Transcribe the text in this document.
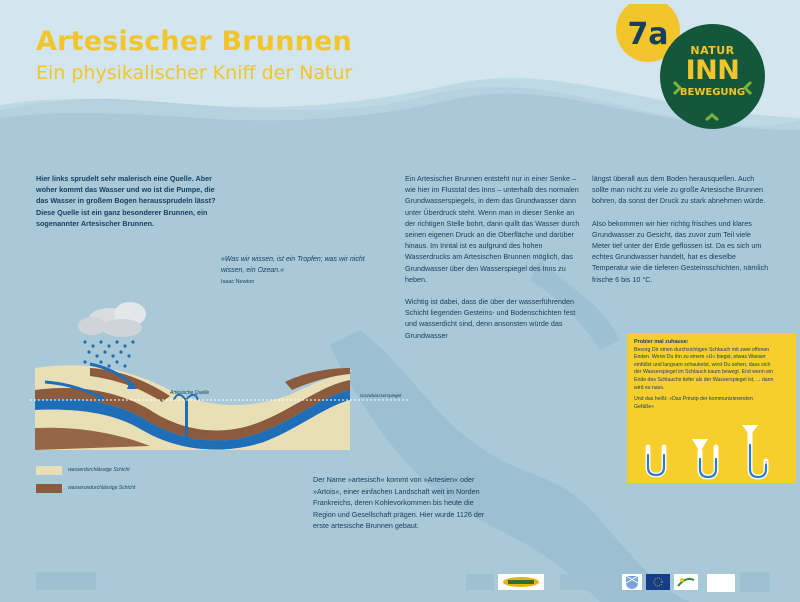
Artesischer Brunnen
Ein physikalischer Kniff der Natur
7a	NATUR
INN
BEWEGUNG
Hier links sprudelt sehr malerisch eine Quelle. Aber woher kommt das Wasser und wo ist die Pumpe, die das Wasser in großem Bogen heraussprudeln lässt? Diese Quelle ist ein ganz besonderer Brunnen, ein sogenannter Artesischer Brunnen.
»Was wir wissen, ist ein Tropfen; was wir nicht wissen, ein Ozean.«
Isaac Newton
Artesische Quelle	Grundwasserspiegel
wasserdurchlässige Schicht
wasserundurchlässige Schicht

Ein Artesischer Brunnen entsteht nur in einer Senke – wie hier im Flusstal des Inns – unterhalb des normalen Grundwasserspiegels, in dem das Grundwasser dann unter Überdruck steht. Wenn man in dieser Senke an der richtigen Stelle bohrt, dann quillt das Wasser durch seinen eigenen Druck an die Oberfläche und darüber hinaus. Im Inntal ist es aufgrund des hohen Wasserdrucks am Artesischen Brunnen möglich, das Grundwasser über den Wasserspiegel des Inns zu heben.

Wichtig ist dabei, dass die über der wasserführenden Schicht liegenden Gesteins- und Bodenschichten fest und wasserdicht sind, denn ansonsten würde das Grundwasser

längst überall aus dem Boden herausquellen. Auch sollte man nicht zu viele zu große Artesische Brunnen bohren, da sonst der Druck zu stark abnehmen würde.

Also bekommen wir hier richtig frisches und klares Grundwasser zu Gesicht, das zuvor zum Teil viele Meter tief unter der Erde geflossen ist. Da es sich um echtes Grundwasser handelt, hat es dieselbe Temperatur wie die tieferen Gesteinsschichten, nämlich frische 6 bis 10 °C.

Der Name »artesisch« kommt von »Artesien« oder »Artois«, einer einfachen Landschaft weit im Norden Frankreichs, deren Kohlevorkommen bis heute die Region und Gesellschaft prägen. Hier wurde 1126 der erste artesische Brunnen gebaut.

Probier mal zuhause:
Besorg Dir einen durchsichtigen Schlauch mit zwei offenen Enden. Wenn Du ihn zu einem »U« biegst, etwas Wasser einfüllst und langsam schaukelst, wirst Du sehen, dass sich der Wasserspiegel im Schlauch kaum bewegt. Erst wenn ein Ende des Schlauchs tiefer als der Wasserspiegel ist, ... dann wird es nass.

Und das heißt: »Das Prinzip der kommunizierenden Gefäße«
